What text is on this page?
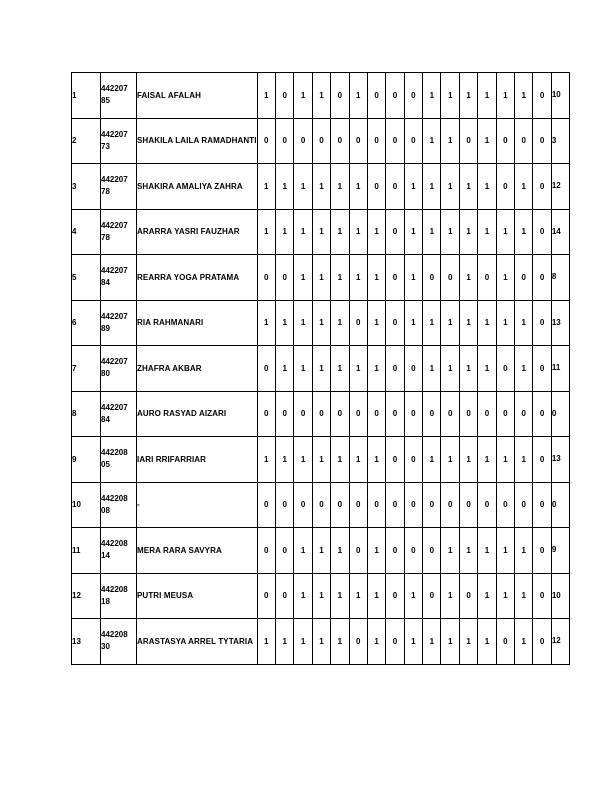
1	442207 85	FAISAL AFALAH	1	0	1	1	0	1	0	0	0	1	1	1	1	1	1	0	10
2	442207 73	SHAKILA LAILA RAMADHANTI	0	0	0	0	0	0	0	0	0	1	1	0	1	0	0	0	3
3	442207 78	SHAKIRA AMALIYA ZAHRA	1	1	1	1	1	1	0	0	1	1	1	1	1	0	1	0	12
4	442207 78	ARARRA YASRI FAUZHAR	1	1	1	1	1	1	1	0	1	1	1	1	1	1	1	0	14
5	442207 84	REARRA YOGA PRATAMA	0	0	1	1	1	1	1	0	1	0	0	1	0	1	0	0	8
6	442207 89	RIA RAHMANARI	1	1	1	1	1	0	1	0	1	1	1	1	1	1	1	0	13
7	442207 80	ZHAFRA AKBAR	0	1	1	1	1	1	1	0	0	1	1	1	1	0	1	0	11
8	442207 84	AURO RASYAD AIZARI	0	0	0	0	0	0	0	0	0	0	0	0	0	0	0	0	0
9	442208 05	IARI RRIFARRIAR	1	1	1	1	1	1	1	0	0	1	1	1	1	1	1	0	13
10	442208 08	-	0	0	0	0	0	0	0	0	0	0	0	0	0	0	0	0	0
11	442208 14	MERA RARA SAVYRA	0	0	1	1	1	0	1	0	0	0	1	1	1	1	1	0	9
12	442208 18	PUTRI MEUSA	0	0	1	1	1	1	1	0	1	0	1	0	1	1	1	0	10
13	442208 30	ARASTASYA ARREL TYTARIA	1	1	1	1	1	0	1	0	1	1	1	1	1	0	1	0	12
